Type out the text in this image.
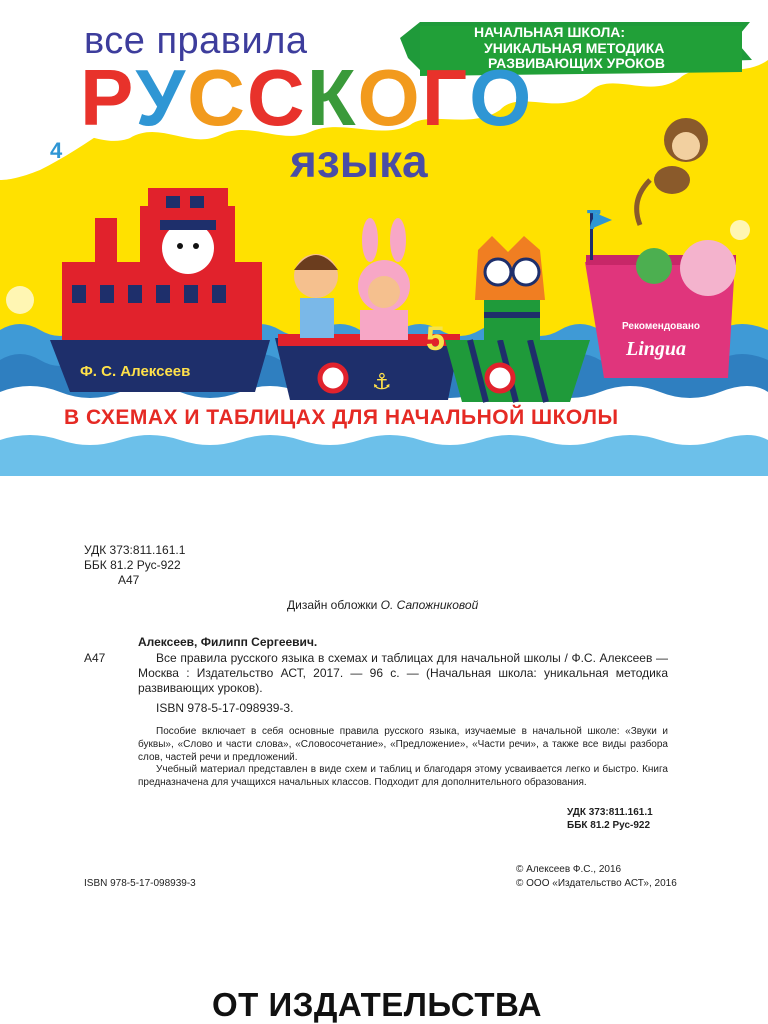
⚓
все правила
РУССКОГО
языка
НАЧАЛЬНАЯ ШКОЛА:
УНИКАЛЬНАЯ МЕТОДИКА
РАЗВИВАЮЩИХ УРОКОВ
4
5
7
Ф. С. Алексеев
Рекомендовано
Lingua
В СХЕМАХ И ТАБЛИЦАХ ДЛЯ НАЧАЛЬНОЙ ШКОЛЫ
УДК 373:811.161.1
ББК 81.2 Рус-922
А47
Дизайн обложки О. Сапожниковой
Алексеев, Филипп Сергеевич.
А47	Все правила русского языка в схемах и таблицах для начальной школы / Ф.С. Алексеев — Москва : Издательство АСТ, 2017. — 96 с. — (Начальная школа: уникальная методика развивающих уроков).
ISBN 978-5-17-098939-3.
Пособие включает в себя основные правила русского языка, изучаемые в начальной школе: «Звуки и буквы», «Слово и части слова», «Словосочетание», «Предложение», «Части речи», а также все виды разбора слов, частей речи и предложений.
Учебный материал представлен в виде схем и таблиц и благодаря этому усваивается легко и быстро. Книга предназначена для учащихся начальных классов. Подходит для дополнительного образования.
УДК 373:811.161.1
ББК 81.2 Рус-922
© Алексеев Ф.С., 2016
© ООО «Издательство АСТ», 2016
ISBN 978-5-17-098939-3
ОТ ИЗДАТЕЛЬСТВА
